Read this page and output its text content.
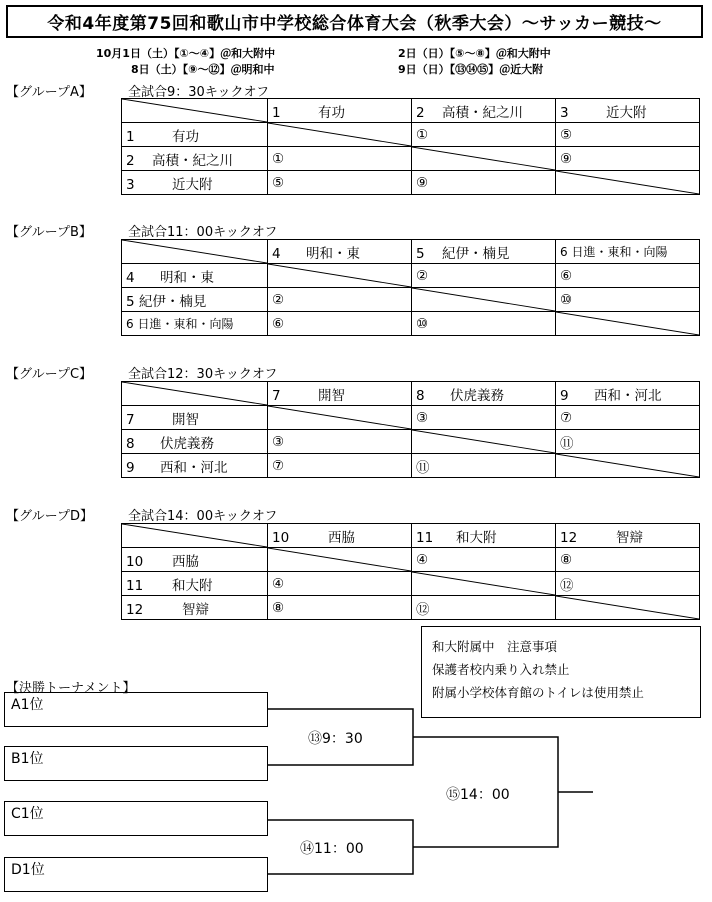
令和4年度第75回和歌山市中学校総合体育大会（秋季大会）～サッカー競技～
10月1日（土）【①～④】＠和大附中	2日（日）【⑤～⑧】＠和大附中
8日（土）【⑨～⑫】＠明和中	9日（日）【⑬⑭⑮】＠近大附
【グループA】	全試合9：30キックオフ
	1 有功	2 高積・紀之川	3 近大附
1 有功		①	⑤
2 高積・紀之川	①		⑨
3 近大附	⑤	⑨	
【グループB】	全試合11：00キックオフ
	4 明和・東	5 紀伊・楠見	6 日進・東和・向陽
4 明和・東		②	⑥
5 紀伊・楠見	②		⑩
6 日進・東和・向陽	⑥	⑩	
【グループC】	全試合12：30キックオフ
	7 開智	8 伏虎義務	9 西和・河北
7 開智		③	⑦
8 伏虎義務	③		⑪
9 西和・河北	⑦	⑪	
【グループD】	全試合14：00キックオフ
	10 西脇	11 和大附	12 智辯
10 西脇		④	⑧
11 和大附	④		⑫
12 智辯	⑧	⑫	
和大附属中　注意事項
保護者校内乗り入れ禁止
附属小学校体育館のトイレは使用禁止
【決勝トーナメント】
A1位
B1位
C1位
D1位
⑬9：30
⑭11：00
⑮14：00
